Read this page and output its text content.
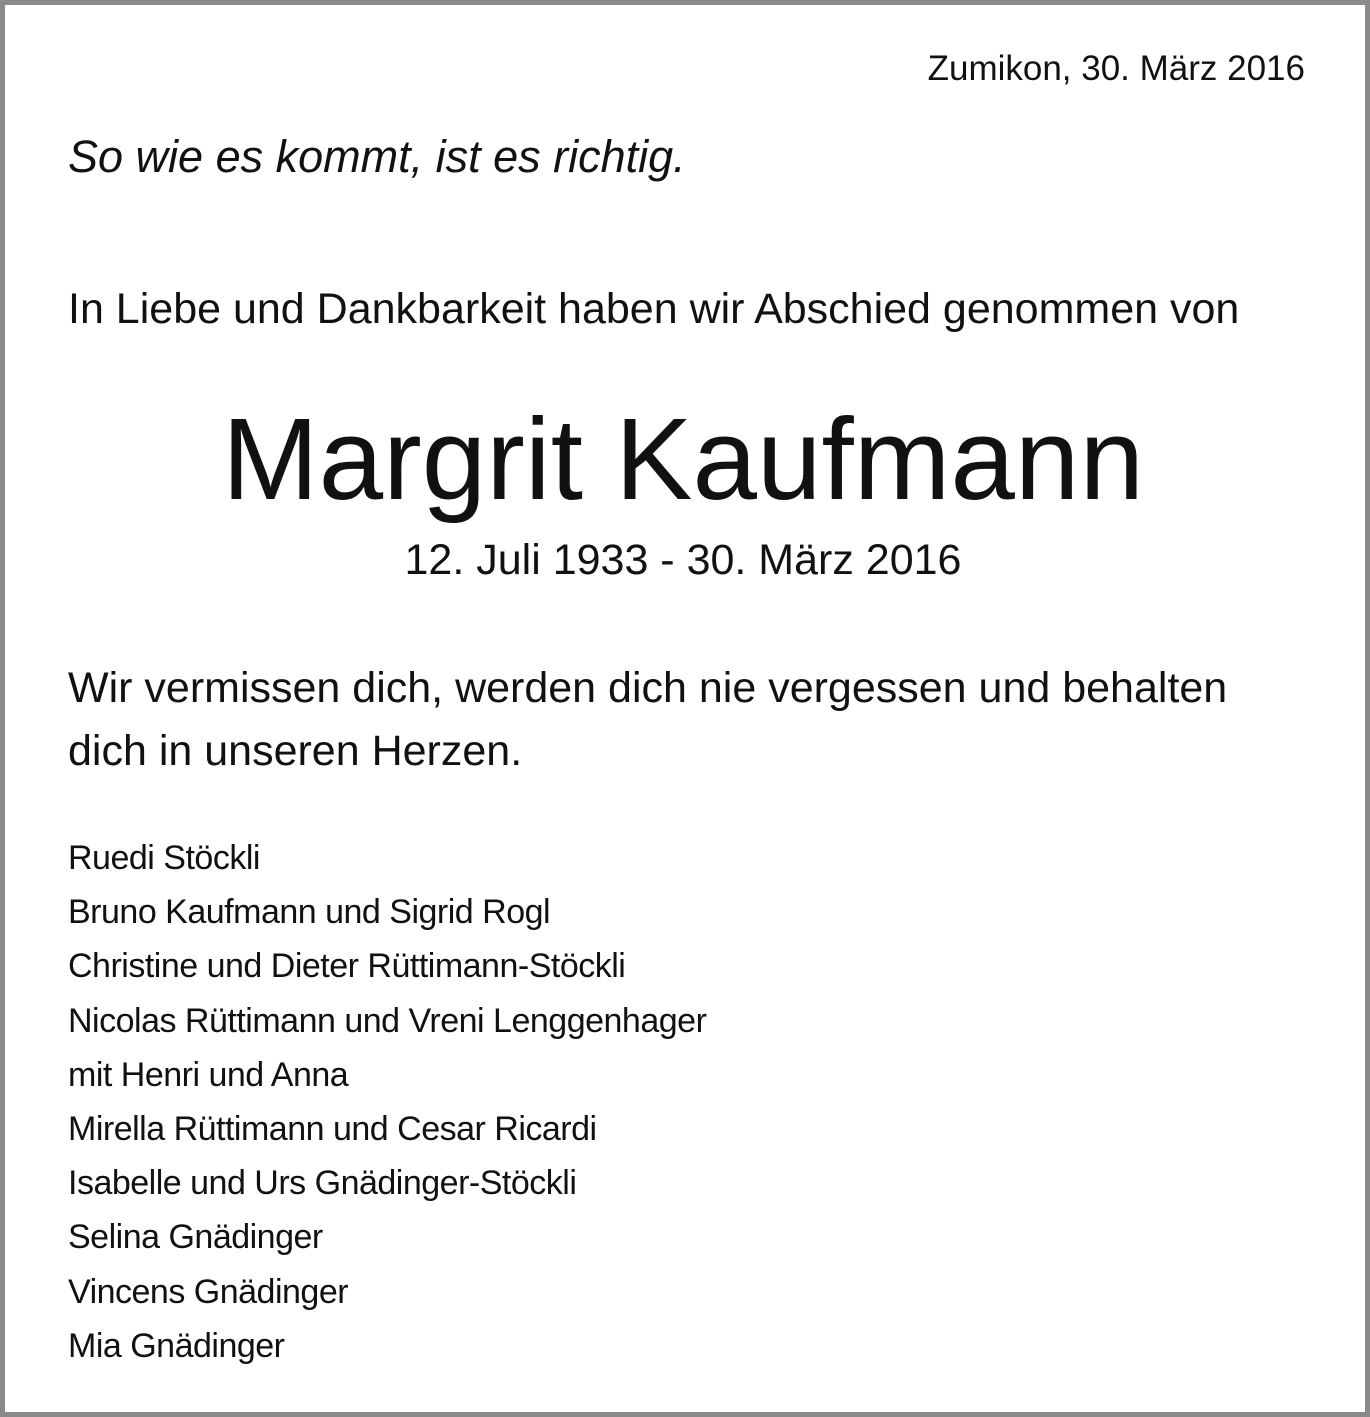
Zumikon, 30. März 2016
So wie es kommt, ist es richtig.
In Liebe und Dankbarkeit haben wir Abschied genommen von
Margrit Kaufmann
12. Juli 1933 - 30. März 2016
Wir vermissen dich, werden dich nie vergessen und behalten
dich in unseren Herzen.
Ruedi Stöckli
Bruno Kaufmann und Sigrid Rogl
Christine und Dieter Rüttimann-Stöckli
Nicolas Rüttimann und Vreni Lenggenhager
mit Henri und Anna
Mirella Rüttimann und Cesar Ricardi
Isabelle und Urs Gnädinger-Stöckli
Selina Gnädinger
Vincens Gnädinger
Mia Gnädinger
